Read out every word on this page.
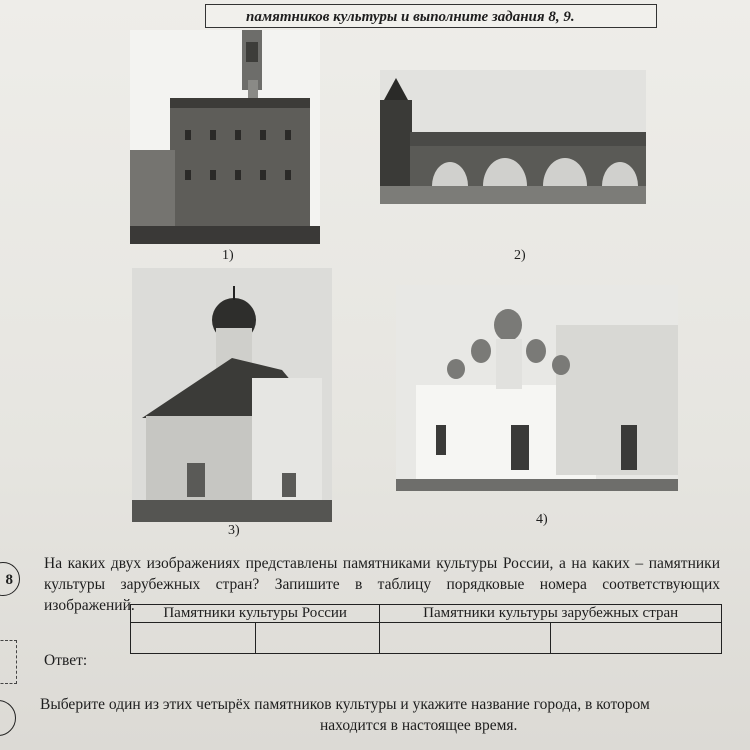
памятников культуры и выполните задания 8, 9.
1)	2)
3)
4)
8
На каких двух изображениях представлены памятниками культуры России, а на каких – памятники культуры зарубежных стран? Запишите в таблицу порядковые номера соответствующих изображений.
Ответ:
Памятники культуры России		Памятники культуры зарубежных стран	

Выберите один из этих четырёх памятников культуры и укажите название города, в котором
находится в настоящее время.
